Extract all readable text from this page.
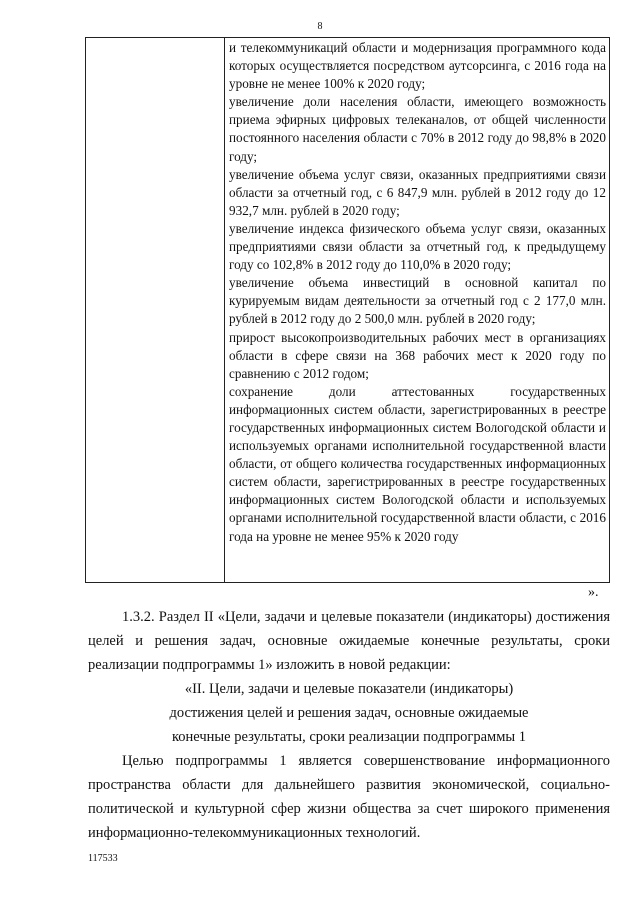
8

и телекоммуникаций области и модернизация программного кода которых осуществляется посредством аутсорсинга, с 2016 года на уровне не менее 100% к 2020 году;

увеличение доли населения области, имеющего возможность приема эфирных цифровых телеканалов, от общей численности постоянного населения области с 70% в 2012 году до 98,8% в 2020 году;

увеличение объема услуг связи, оказанных предприятиями связи области за отчетный год, с 6 847,9 млн. рублей в 2012 году до 12 932,7 млн. рублей в 2020 году;

увеличение индекса физического объема услуг связи, оказанных предприятиями связи области за отчетный год, к предыдущему году со 102,8% в 2012 году до 110,0% в 2020 году;

увеличение объема инвестиций в основной капитал по курируемым видам деятельности за отчетный год с 2 177,0 млн. рублей в 2012 году до 2 500,0 млн. рублей в 2020 году;

прирост высокопроизводительных рабочих мест в организациях области в сфере связи на 368 рабочих мест к 2020 году по сравнению с 2012 годом;

сохранение доли аттестованных государственных информационных систем области, зарегистрированных в реестре государственных информационных систем Вологодской области и используемых органами исполнительной государственной власти области, от общего количества государственных информационных систем области, зарегистрированных в реестре государственных информационных систем Вологодской области и используемых органами исполнительной государственной власти области, с 2016 года на уровне не менее 95% к 2020 году

».

1.3.2. Раздел II «Цели, задачи и целевые показатели (индикаторы) достижения целей и решения задач, основные ожидаемые конечные результаты, сроки реализации подпрограммы 1» изложить в новой редакции:

«II. Цели, задачи и целевые показатели (индикаторы)

достижения целей и решения задач, основные ожидаемые

конечные результаты, сроки реализации подпрограммы 1

Целью подпрограммы 1 является совершенствование информационного пространства области для дальнейшего развития экономической, социально-политической и культурной сфер жизни общества за счет широкого применения информационно-телекоммуникационных технологий.

117533
